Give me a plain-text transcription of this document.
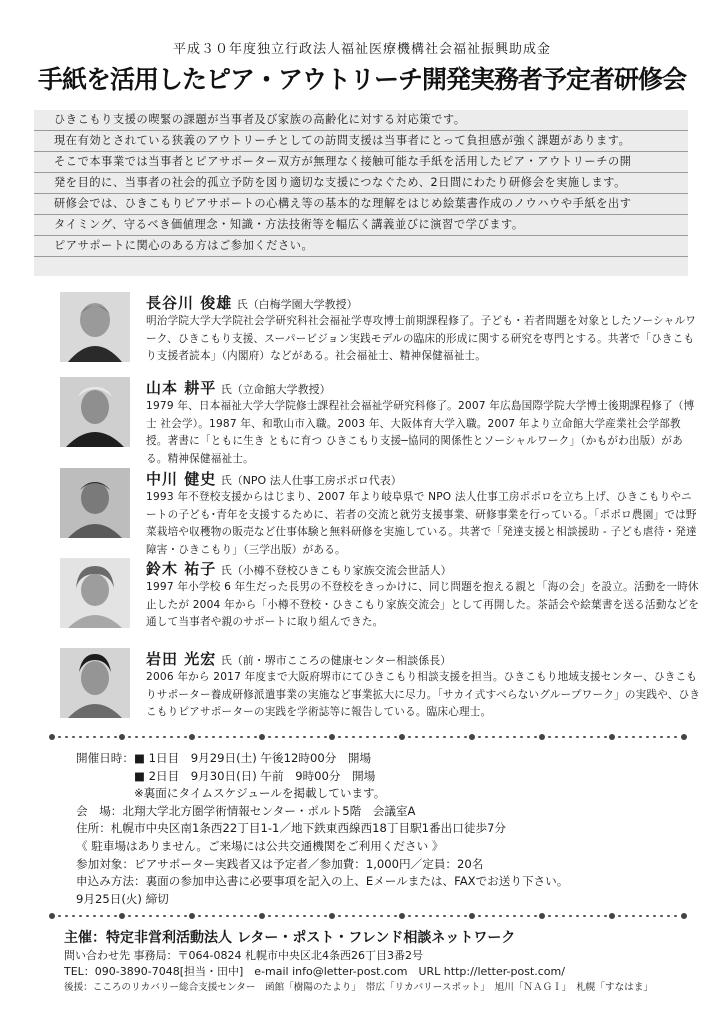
平成３０年度独立行政法人福祉医療機構社会福祉振興助成金
手紙を活用したピア・アウトリーチ開発実務者予定者研修会
ひきこもり支援の喫緊の課題が当事者及び家族の高齢化に対する対応策です。
現在有効とされている狭義のアウトリーチとしての訪問支援は当事者にとって負担感が強く課題があります。
そこで本事業では当事者とピアサポーター双方が無理なく接触可能な手紙を活用したピア・アウトリーチの開
発を目的に、当事者の社会的孤立予防を図り適切な支援につなぐため、2日間にわたり研修会を実施します。
研修会では、ひきこもりピアサポートの心構え等の基本的な理解をはじめ絵葉書作成のノウハウや手紙を出す
タイミング、守るべき価値理念・知識・方法技術等を幅広く講義並びに演習で学びます。
ピアサポートに関心のある方はご参加ください。
長谷川 俊雄 氏（白梅学園大学教授）
明治学院大学大学院社会学研究科社会福祉学専攻博士前期課程修了。子ども・若者問題を対象としたソーシャルワーク、ひきこもり支援、スーパービジョン実践モデルの臨床的形成に関する研究を専門とする。共著で「ひきこもり支援者読本」（内閣府）などがある。社会福祉士、精神保健福祉士。
山本 耕平 氏（立命館大学教授）
1979 年、日本福祉大学大学院修士課程社会福祉学研究科修了。2007 年広島国際学院大学博士後期課程修了（博士 社会学）。1987 年、和歌山市入職。2003 年、大阪体育大学入職。2007 年より立命館大学産業社会学部教授。著書に「ともに生き ともに育つ ひきこもり支援─協同的関係性とソーシャルワーク」（かもがわ出版）がある。精神保健福祉士。
中川 健史 氏（NPO 法人仕事工房ポポロ代表）
1993 年不登校支援からはじまり、2007 年より岐阜県で NPO 法人仕事工房ポポロを立ち上げ、ひきこもりやニートの子ども･青年を支援するために、若者の交流と就労支援事業、研修事業を行っている。「ポポロ農園」では野菜栽培や収穫物の販売など仕事体験と無料研修を実施している。共著で「発達支援と相談援助 - 子ども虐待・発達障害・ひきこもり」（三学出版）がある。
鈴木 祐子 氏（小樽不登校ひきこもり家族交流会世話人）
1997 年小学校 6 年生だった長男の不登校をきっかけに、同じ問題を抱える親と「海の会」を設立。活動を一時休止したが 2004 年から「小樽不登校・ひきこもり家族交流会」として再開した。茶話会や絵葉書を送る活動などを通して当事者や親のサポートに取り組んできた。
岩田 光宏 氏（前・堺市こころの健康センター相談係長）
2006 年から 2017 年度まで大阪府堺市にてひきこもり相談支援を担当。ひきこもり地域支援センター、ひきこもりサポーター養成研修派遣事業の実施など事業拡大に尽力。「サカイ式すべらないグループワーク」の実践や、ひきこもりピアサポーターの実践を学術誌等に報告している。臨床心理士。
開催日時：■ 1日目　9月29日(土) 午後12時00分　開場
　　　　　■ 2日目　9月30日(日) 午前　9時00分　開場
　　　　　※裏面にタイムスケジュールを掲載しています。
会　場：北翔大学北方圏学術情報センター・ポルト5階　会議室A
住所：札幌市中央区南1条西22丁目1-1／地下鉄東西線西18丁目駅1番出口徒歩7分
《 駐車場はありません。ご来場には公共交通機関をご利用ください 》
参加対象：ピアサポーター実践者又は予定者／参加費：1,000円／定員：20名
申込み方法：裏面の参加申込書に必要事項を記入の上、Eメールまたは、FAXでお送り下さい。
9月25日(火) 締切
主催：特定非営利活動法人 レター・ポスト・フレンド相談ネットワーク
問い合わせ先 事務局：〒064-0824 札幌市中央区北4条西26丁目3番2号
TEL：090-3890-7048[担当・田中]　e-mail info@letter-post.com　URL http://letter-post.com/
後援：こころのリカバリー総合支援センター　函館「樹陽のたより」　帯広「リカバリースポット」　旭川「ＮＡＧＩ」　札幌「すなはま」
